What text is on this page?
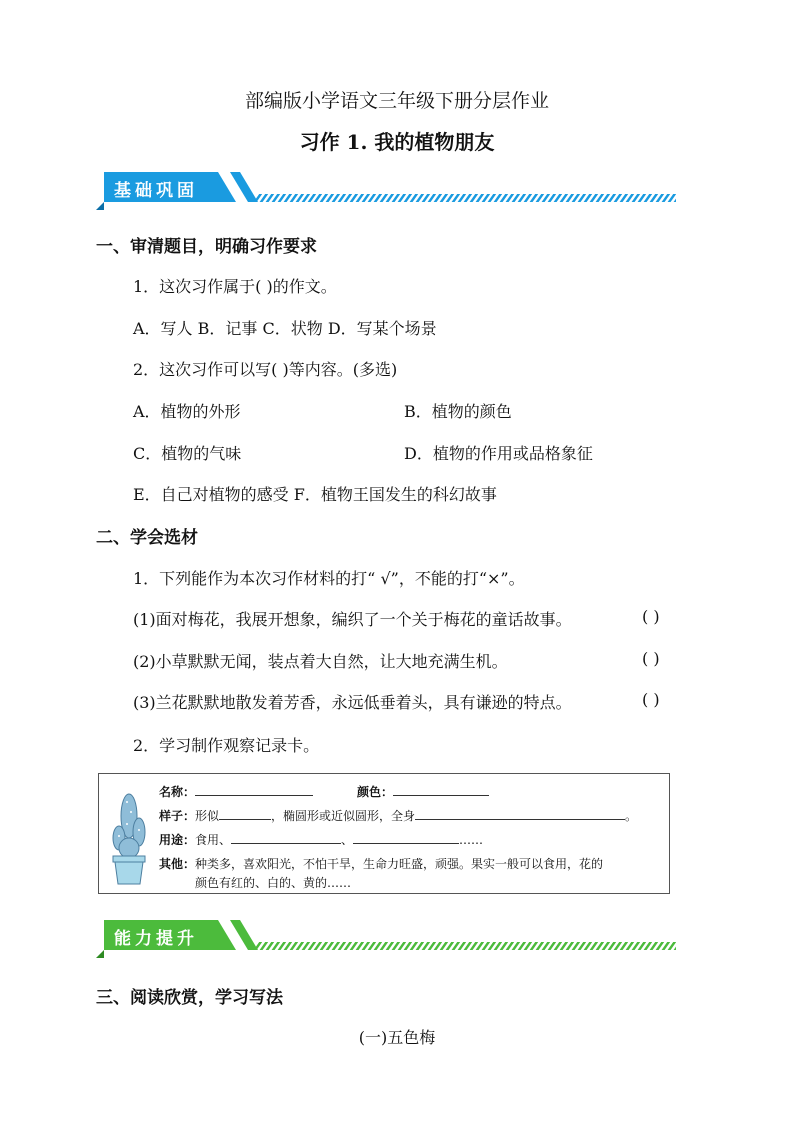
部编版小学语文三年级下册分层作业
习作 1. 我的植物朋友
基础巩固
一、审清题目，明确习作要求
1．这次习作属于( )的作文。
A．写人 B．记事 C．状物 D．写某个场景
2．这次习作可以写( )等内容。(多选)
A．植物的外形	B．植物的颜色
C．植物的气味	D．植物的作用或品格象征
E．自己对植物的感受 F．植物王国发生的科幻故事
二、学会选材
1．下列能作为本次习作材料的打“ √”，不能的打“×”。
(1)面对梅花，我展开想象，编织了一个关于梅花的童话故事。	( )
(2)小草默默无闻，装点着大自然，让大地充满生机。	( )
(3)兰花默默地散发着芳香，永远低垂着头，具有谦逊的特点。	( )
2．学习制作观察记录卡。
名称：	颜色：
样子：形似	，椭圆形或近似圆形，全身	。
用途：食用、	、	……
其他：种类多，喜欢阳光，不怕干旱，生命力旺盛，顽强。果实一般可以食用，花的
颜色有红的、白的、黄的……
能力提升
三、阅读欣赏，学习写法
(一)五色梅
